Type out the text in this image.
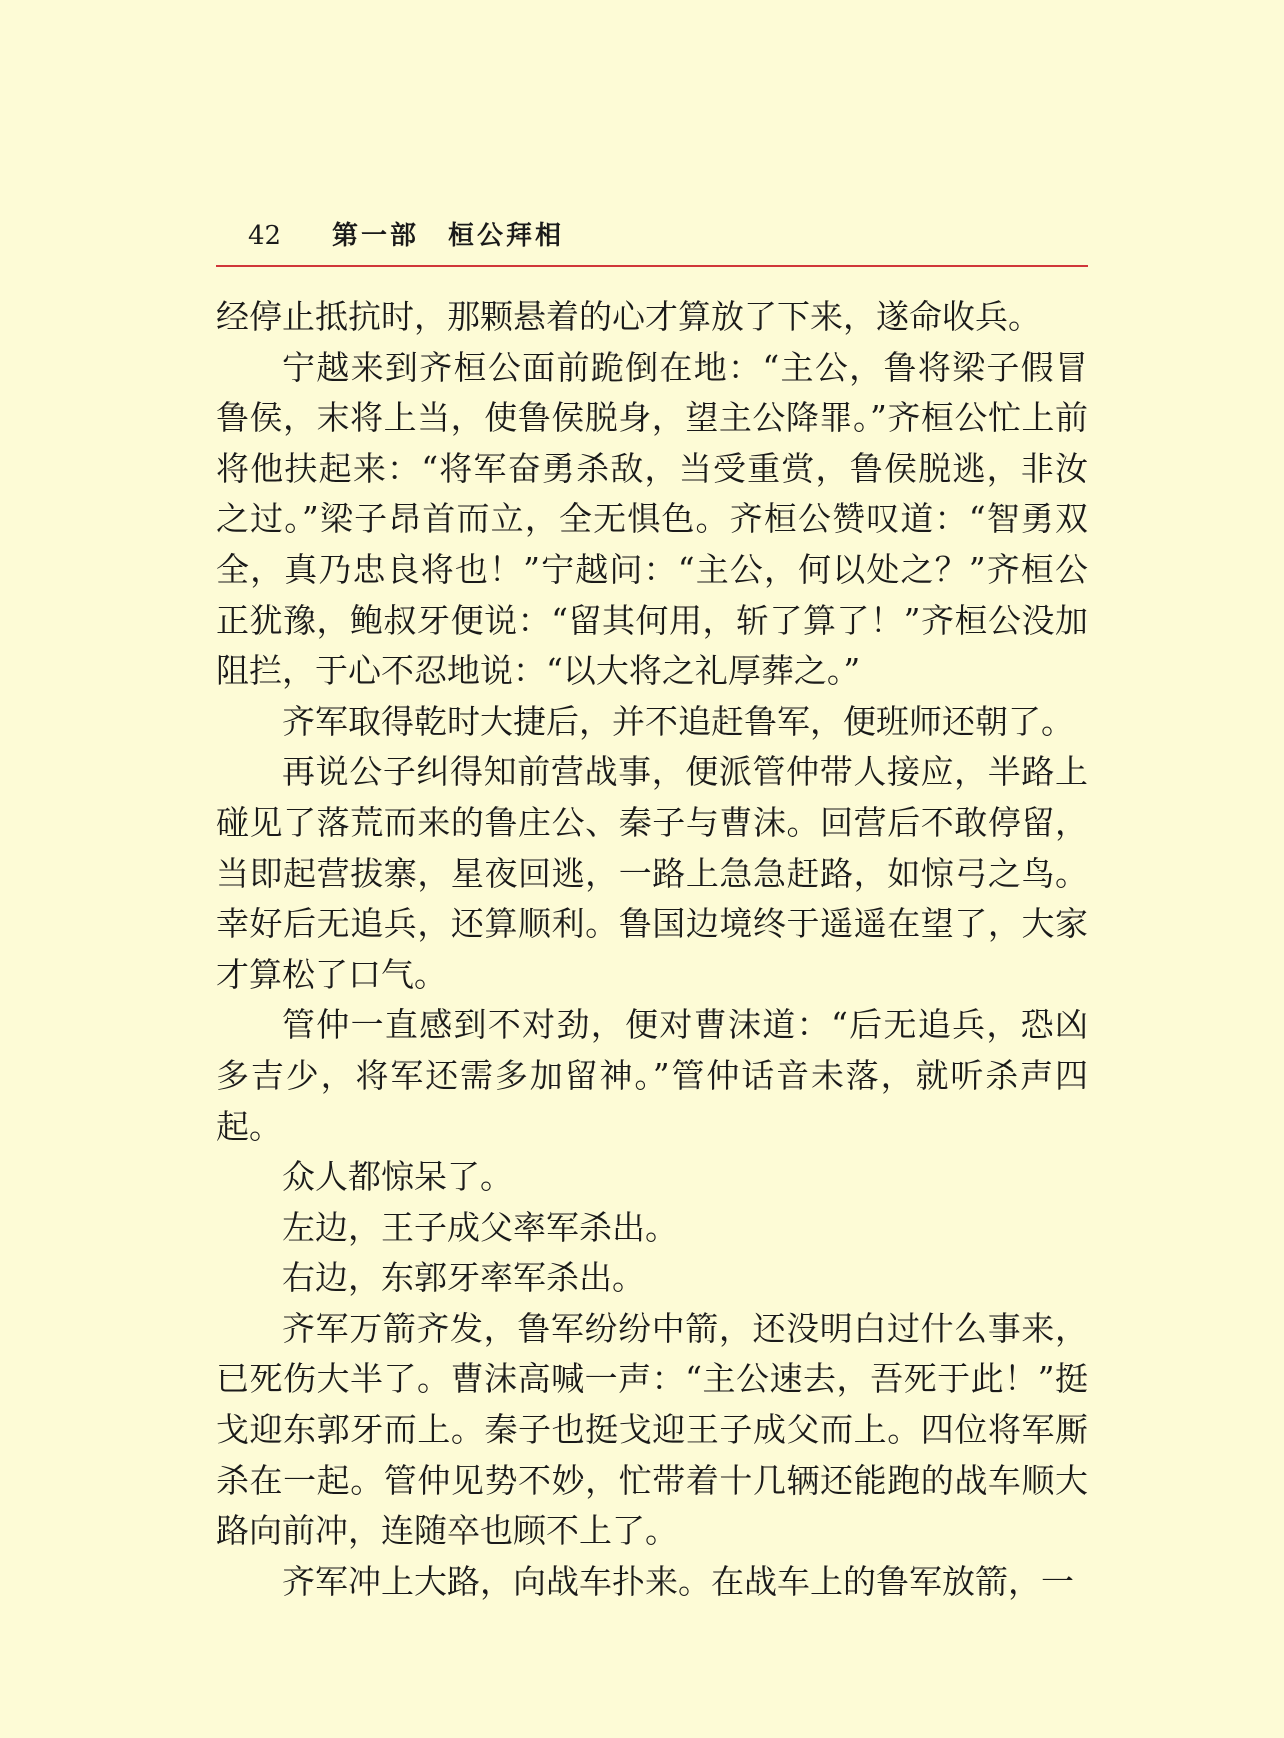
42 第一部　桓公拜相

经停止抵抗时，那颗悬着的心才算放了下来，遂命收兵。

宁越来到齐桓公面前跪倒在地：“主公，鲁将梁子假冒鲁侯，末将上当，使鲁侯脱身，望主公降罪。”齐桓公忙上前将他扶起来：“将军奋勇杀敌，当受重赏，鲁侯脱逃，非汝之过。”梁子昂首而立，全无惧色。齐桓公赞叹道：“智勇双全，真乃忠良将也！”宁越问：“主公，何以处之？”齐桓公正犹豫，鲍叔牙便说：“留其何用，斩了算了！”齐桓公没加阻拦，于心不忍地说：“以大将之礼厚葬之。”

齐军取得乾时大捷后，并不追赶鲁军，便班师还朝了。

再说公子纠得知前营战事，便派管仲带人接应，半路上碰见了落荒而来的鲁庄公、秦子与曹沫。回营后不敢停留，当即起营拔寨，星夜回逃，一路上急急赶路，如惊弓之鸟。幸好后无追兵，还算顺利。鲁国边境终于遥遥在望了，大家才算松了口气。

管仲一直感到不对劲，便对曹沫道：“后无追兵，恐凶多吉少，将军还需多加留神。”管仲话音未落，就听杀声四起。

众人都惊呆了。

左边，王子成父率军杀出。

右边，东郭牙率军杀出。

齐军万箭齐发，鲁军纷纷中箭，还没明白过什么事来，已死伤大半了。曹沫高喊一声：“主公速去，吾死于此！”挺戈迎东郭牙而上。秦子也挺戈迎王子成父而上。四位将军厮杀在一起。管仲见势不妙，忙带着十几辆还能跑的战车顺大路向前冲，连随卒也顾不上了。

齐军冲上大路，向战车扑来。在战车上的鲁军放箭，一
